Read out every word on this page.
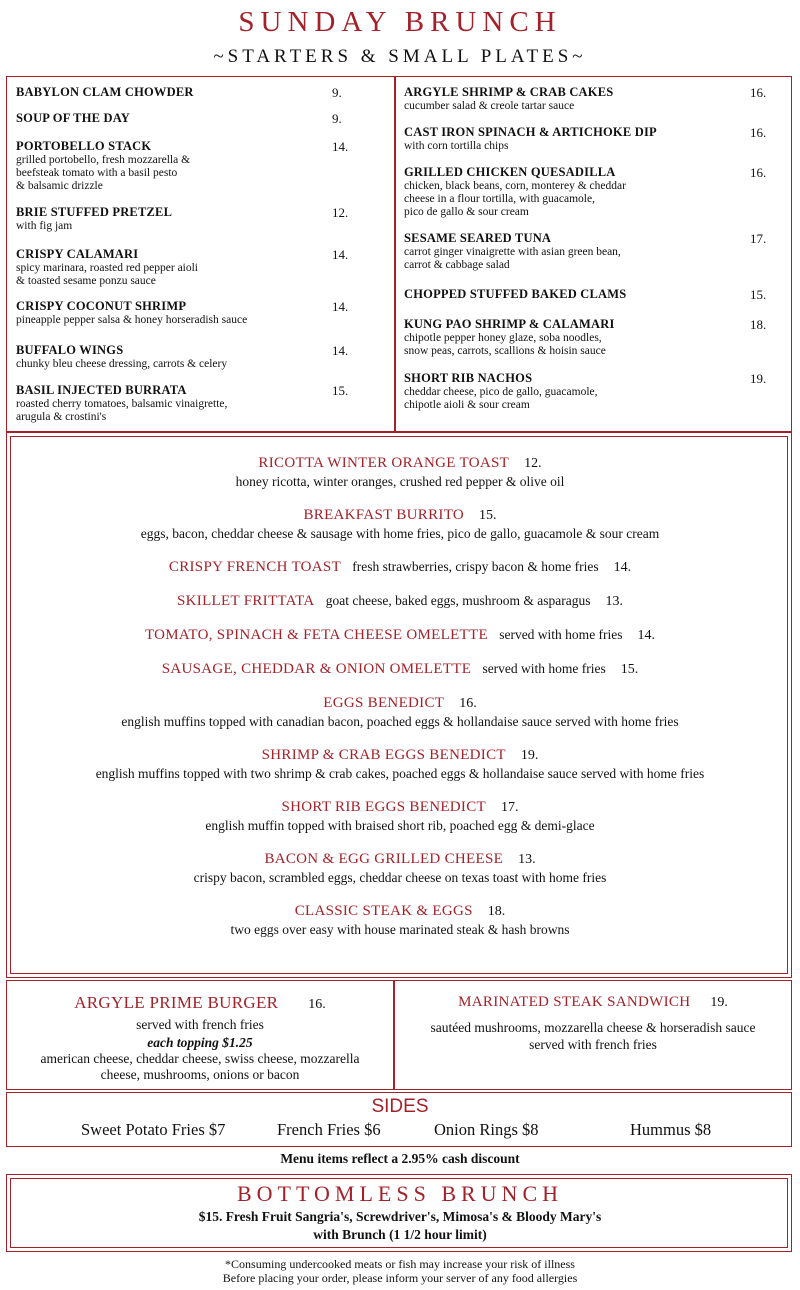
SUNDAY BRUNCH
~STARTERS & SMALL PLATES~
BABYLON CLAM CHOWDER	9.
SOUP OF THE DAY	9.
PORTOBELLO STACK	14.
grilled portobello, fresh mozzarella &
beefsteak tomato with a basil pesto
& balsamic drizzle
BRIE STUFFED PRETZEL	12.
with fig jam
CRISPY CALAMARI	14.
spicy marinara, roasted red pepper aioli
& toasted sesame ponzu sauce
CRISPY COCONUT SHRIMP	14.
pineapple pepper salsa & honey horseradish sauce
BUFFALO WINGS	14.
chunky bleu cheese dressing, carrots & celery
BASIL INJECTED BURRATA	15.
roasted cherry tomatoes, balsamic vinaigrette,
arugula & crostini's
ARGYLE SHRIMP & CRAB CAKES	16.
cucumber salad & creole tartar sauce
CAST IRON SPINACH & ARTICHOKE DIP	16.
with corn tortilla chips
GRILLED CHICKEN QUESADILLA	16.
chicken, black beans, corn, monterey & cheddar
cheese in a flour tortilla, with guacamole,
pico de gallo & sour cream
SESAME SEARED TUNA	17.
carrot ginger vinaigrette with asian green bean,
carrot & cabbage salad
CHOPPED STUFFED BAKED CLAMS	15.
KUNG PAO SHRIMP & CALAMARI	18.
chipotle pepper honey glaze, soba noodles,
snow peas, carrots, scallions & hoisin sauce
SHORT RIB NACHOS	19.
cheddar cheese, pico de gallo, guacamole,
chipotle aioli & sour cream
RICOTTA WINTER ORANGE TOAST 12.
honey ricotta, winter oranges, crushed red pepper & olive oil
BREAKFAST BURRITO 15.
eggs, bacon, cheddar cheese & sausage with home fries, pico de gallo, guacamole & sour cream
CRISPY FRENCH TOAST fresh strawberries, crispy bacon & home fries 14.
SKILLET FRITTATA goat cheese, baked eggs, mushroom & asparagus 13.
TOMATO, SPINACH & FETA CHEESE OMELETTE served with home fries 14.
SAUSAGE, CHEDDAR & ONION OMELETTE served with home fries 15.
EGGS BENEDICT 16.
english muffins topped with canadian bacon, poached eggs & hollandaise sauce served with home fries
SHRIMP & CRAB EGGS BENEDICT 19.
english muffins topped with two shrimp & crab cakes, poached eggs & hollandaise sauce served with home fries
SHORT RIB EGGS BENEDICT 17.
english muffin topped with braised short rib, poached egg & demi-glace
BACON & EGG GRILLED CHEESE 13.
crispy bacon, scrambled eggs, cheddar cheese on texas toast with home fries
CLASSIC STEAK & EGGS 18.
two eggs over easy with house marinated steak & hash browns
ARGYLE PRIME BURGER 16.
served with french fries
each topping $1.25
american cheese, cheddar cheese, swiss cheese, mozzarella
cheese, mushrooms, onions or bacon
MARINATED STEAK SANDWICH 19.
sautéed mushrooms, mozzarella cheese & horseradish sauce
served with french fries
SIDES
Sweet Potato Fries $7	French Fries $6	Onion Rings $8	Hummus $8
Menu items reflect a 2.95% cash discount
BOTTOMLESS BRUNCH
$15. Fresh Fruit Sangria's, Screwdriver's, Mimosa's & Bloody Mary's
with Brunch (1 1/2 hour limit)
*Consuming undercooked meats or fish may increase your risk of illness
Before placing your order, please inform your server of any food allergies
